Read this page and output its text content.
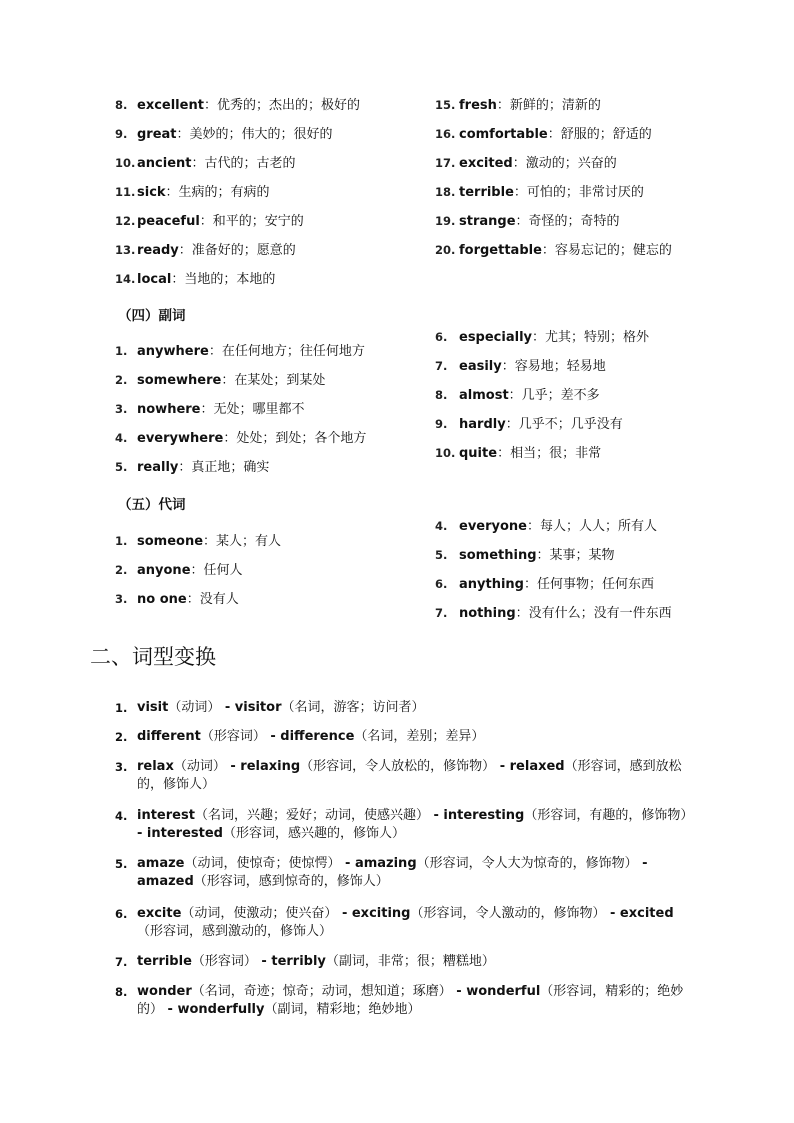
8. excellent：优秀的；杰出的；极好的
9. great：美妙的；伟大的；很好的
10. ancient：古代的；古老的
11. sick：生病的；有病的
12. peaceful：和平的；安宁的
13. ready：准备好的；愿意的
14. local：当地的；本地的
15. fresh：新鲜的；清新的
16. comfortable：舒服的；舒适的
17. excited：激动的；兴奋的
18. terrible：可怕的；非常讨厌的
19. strange：奇怪的；奇特的
20. forgettable：容易忘记的；健忘的
（四）副词
1. anywhere：在任何地方；往任何地方
2. somewhere：在某处；到某处
3. nowhere：无处；哪里都不
4. everywhere：处处；到处；各个地方
5. really：真正地；确实
6. especially：尤其；特别；格外
7. easily：容易地；轻易地
8. almost：几乎；差不多
9. hardly：几乎不；几乎没有
10. quite：相当；很；非常
（五）代词
1. someone：某人；有人
2. anyone：任何人
3. no one：没有人
4. everyone：每人；人人；所有人
5. something：某事；某物
6. anything：任何事物；任何东西
7. nothing：没有什么；没有一件东西
二、词型变换
1. visit（动词） - visitor（名词，游客；访问者）
2. different（形容词） - difference（名词，差别；差异）
3. relax（动词） - relaxing（形容词，令人放松的，修饰物） - relaxed（形容词，感到放松的，修饰人）
4. interest（名词，兴趣；爱好；动词，使感兴趣） - interesting（形容词，有趣的，修饰物） - interested（形容词，感兴趣的，修饰人）
5. amaze（动词，使惊奇；使惊愕） - amazing（形容词，令人大为惊奇的，修饰物） - amazed（形容词，感到惊奇的，修饰人）
6. excite（动词，使激动；使兴奋） - exciting（形容词，令人激动的，修饰物） - excited（形容词，感到激动的，修饰人）
7. terrible（形容词） - terribly（副词，非常；很；糟糕地）
8. wonder（名词，奇迹；惊奇；动词，想知道；琢磨） - wonderful（形容词，精彩的；绝妙的） - wonderfully（副词，精彩地；绝妙地）
